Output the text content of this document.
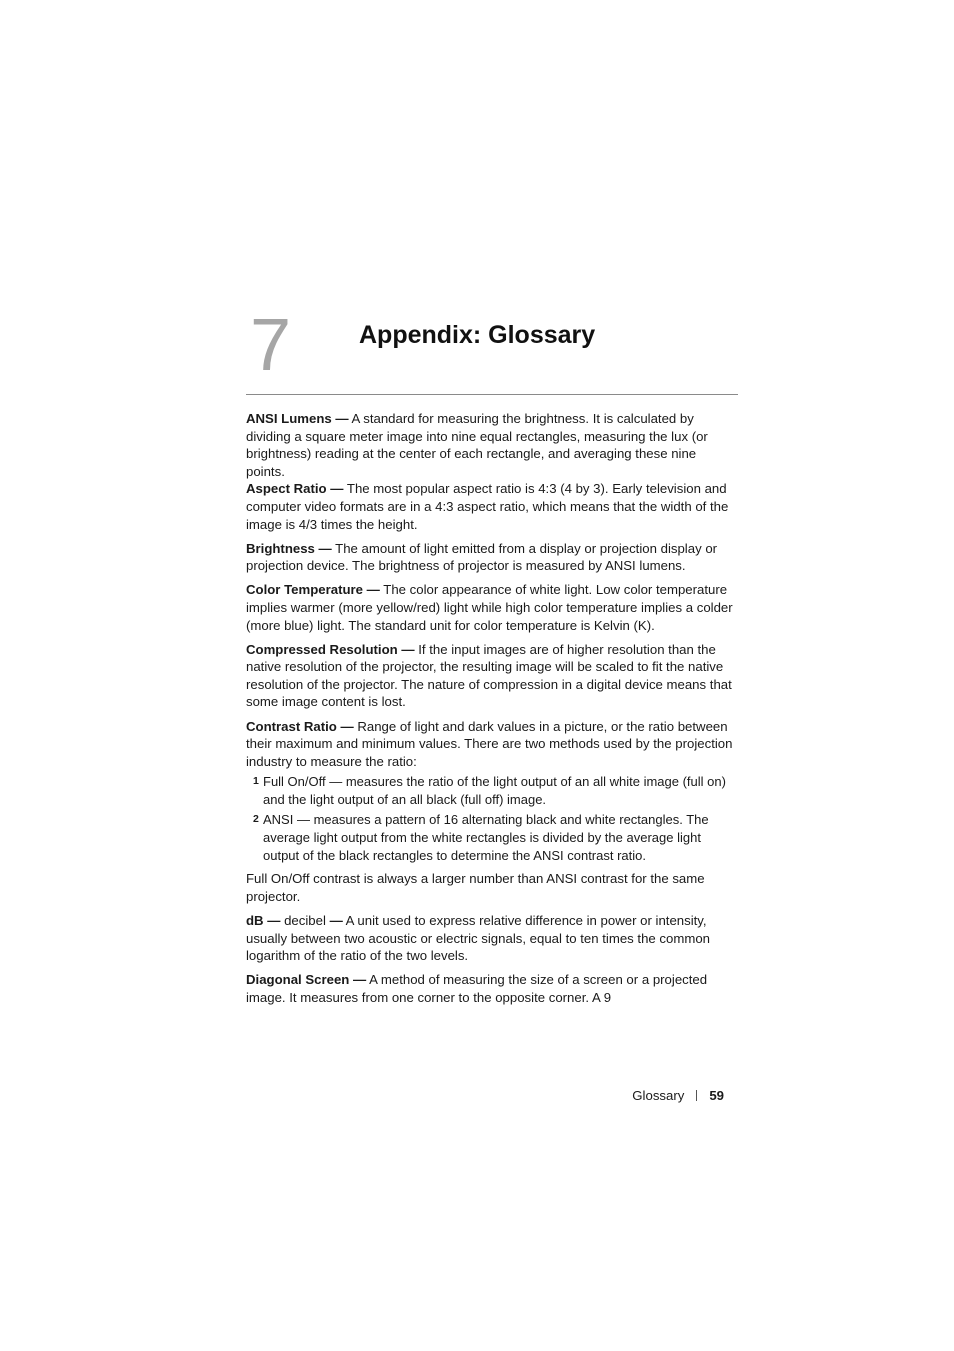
7	Appendix: Glossary

ANSI Lumens — A standard for measuring the brightness. It is calculated by dividing a square meter image into nine equal rectangles, measuring the lux (or brightness) reading at the center of each rectangle, and averaging these nine points.

Aspect Ratio — The most popular aspect ratio is 4:3 (4 by 3). Early television and computer video formats are in a 4:3 aspect ratio, which means that the width of the image is 4/3 times the height.

Brightness — The amount of light emitted from a display or projection display or projection device. The brightness of projector is measured by ANSI lumens.

Color Temperature — The color appearance of white light. Low color temperature implies warmer (more yellow/red) light while high color temperature implies a colder (more blue) light. The standard unit for color temperature is Kelvin (K).

Compressed Resolution — If the input images are of higher resolution than the native resolution of the projector, the resulting image will be scaled to fit the native resolution of the projector. The nature of compression in a digital device means that some image content is lost.

Contrast Ratio — Range of light and dark values in a picture, or the ratio between their maximum and minimum values. There are two methods used by the projection industry to measure the ratio:

1 Full On/Off — measures the ratio of the light output of an all white image (full on) and the light output of an all black (full off) image.
2 ANSI — measures a pattern of 16 alternating black and white rectangles. The average light output from the white rectangles is divided by the average light output of the black rectangles to determine the ANSI contrast ratio.

Full On/Off contrast is always a larger number than ANSI contrast for the same projector.

dB — decibel — A unit used to express relative difference in power or intensity, usually between two acoustic or electric signals, equal to ten times the common logarithm of the ratio of the two levels.

Diagonal Screen — A method of measuring the size of a screen or a projected image. It measures from one corner to the opposite corner. A 9

Glossary 59
